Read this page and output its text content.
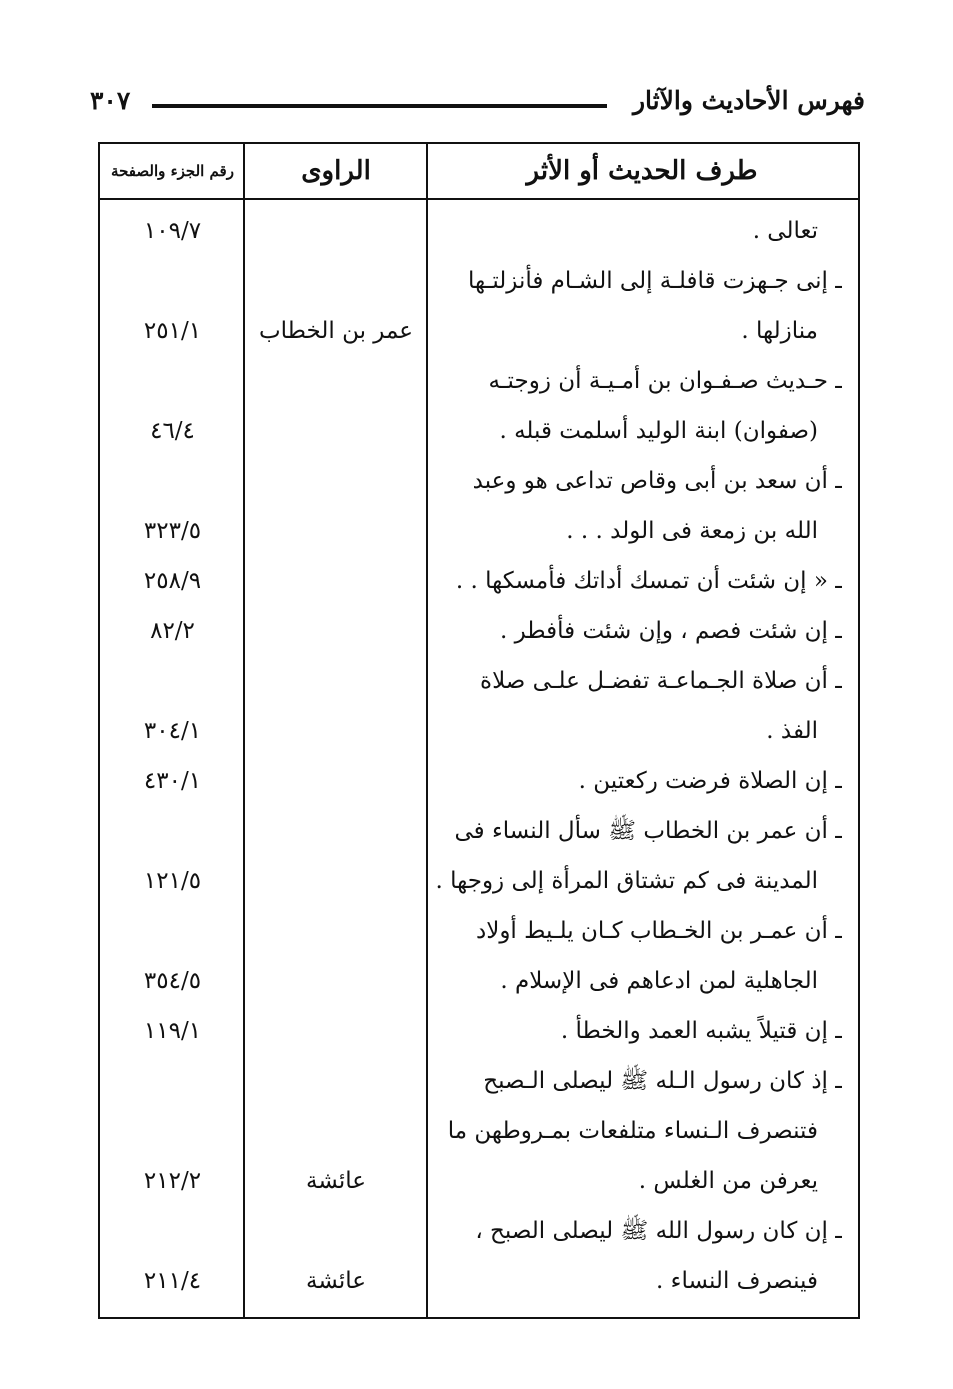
فهرس الأحاديث والآثار
٣٠٧
طرف الحديث أو الأثر
الراوى
رقم الجزء والصفحة
تعالى .
ـ إنى جـهزت قافلـة إلى الشـام فأنزلتـها
منازلها .
ـ حـديث صـفـوان بن أمـيـة أن زوجتـه
(صفوان) ابنة الوليد أسلمت قبله .
ـ أن سعد بن أبى وقاص تداعى هو وعبد
الله بن زمعة فى الولد . . .
ـ « إن شئت أن تمسك أداتك فأمسكها . .
ـ إن شئت فصم ، وإن شئت فأفطر .
ـ أن صلاة الجـماعـة تفضـل علـى صلاة
الفذ .
ـ إن الصلاة فرضت ركعتين .
ـ أن عمر بن الخطاب ﷺ سأل النساء فى
المدينة فى كم تشتاق المرأة إلى زوجها .
ـ أن عمـر بن الخـطاب كـان يلـيط أولاد
الجاهلية لمن ادعاهم فى الإسلام .
ـ إن قتيلاً يشبه العمد والخطأ .
ـ إذ كان رسول الـله ﷺ ليصلى الـصبح
فتنصرف الـنساء متلفعات بمـروطهن ما
يعرفن من الغلس .
ـ إن كان رسول الله ﷺ ليصلى الصبح ،
فينصرف النساء .
عمر بن الخطاب
عائشة
عائشة
١٠٩/٧
٢٥١/١
٤٦/٤
٣٢٣/٥
٢٥٨/٩
٨٢/٢
٣٠٤/١
٤٣٠/١
١٢١/٥
٣٥٤/٥
١١٩/١
٢١٢/٢
٢١١/٤
